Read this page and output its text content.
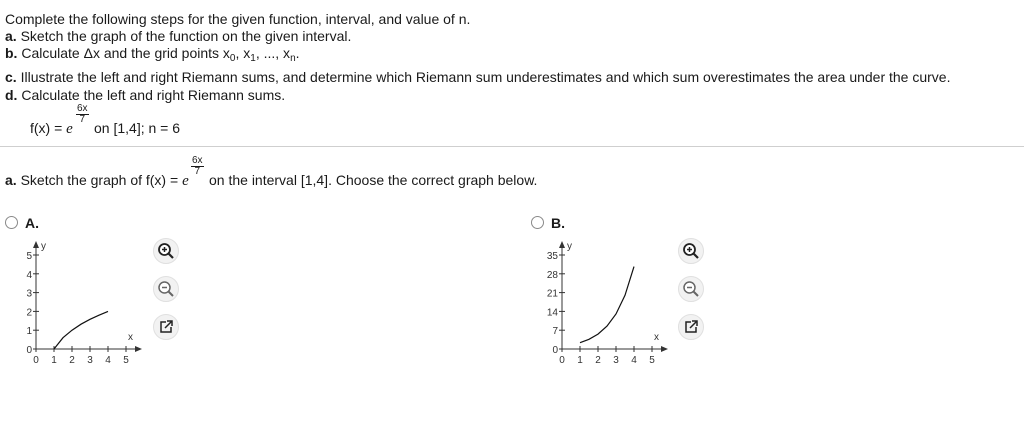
Complete the following steps for the given function, interval, and value of n.
a. Sketch the graph of the function on the given interval.
b. Calculate Δx and the grid points $x_0$, $x_1$, ..., $x_n$.
c. Illustrate the left and right Riemann sums, and determine which Riemann sum underestimates and which sum overestimates the area under the curve.
d. Calculate the left and right Riemann sums.
f(x) = e
$\frac{6x}{7}$
on [1,4]; n = 6
a. Sketch the graph of f(x) = e
$\frac{6x}{7}$
on the interval [1,4]. Choose the correct graph below.
A.
x
y
0 1 2 3 4 5
0
1
2
3
4
5
B.
x
y
0 1 2 3 4 5
0
7
14
21
28
35
